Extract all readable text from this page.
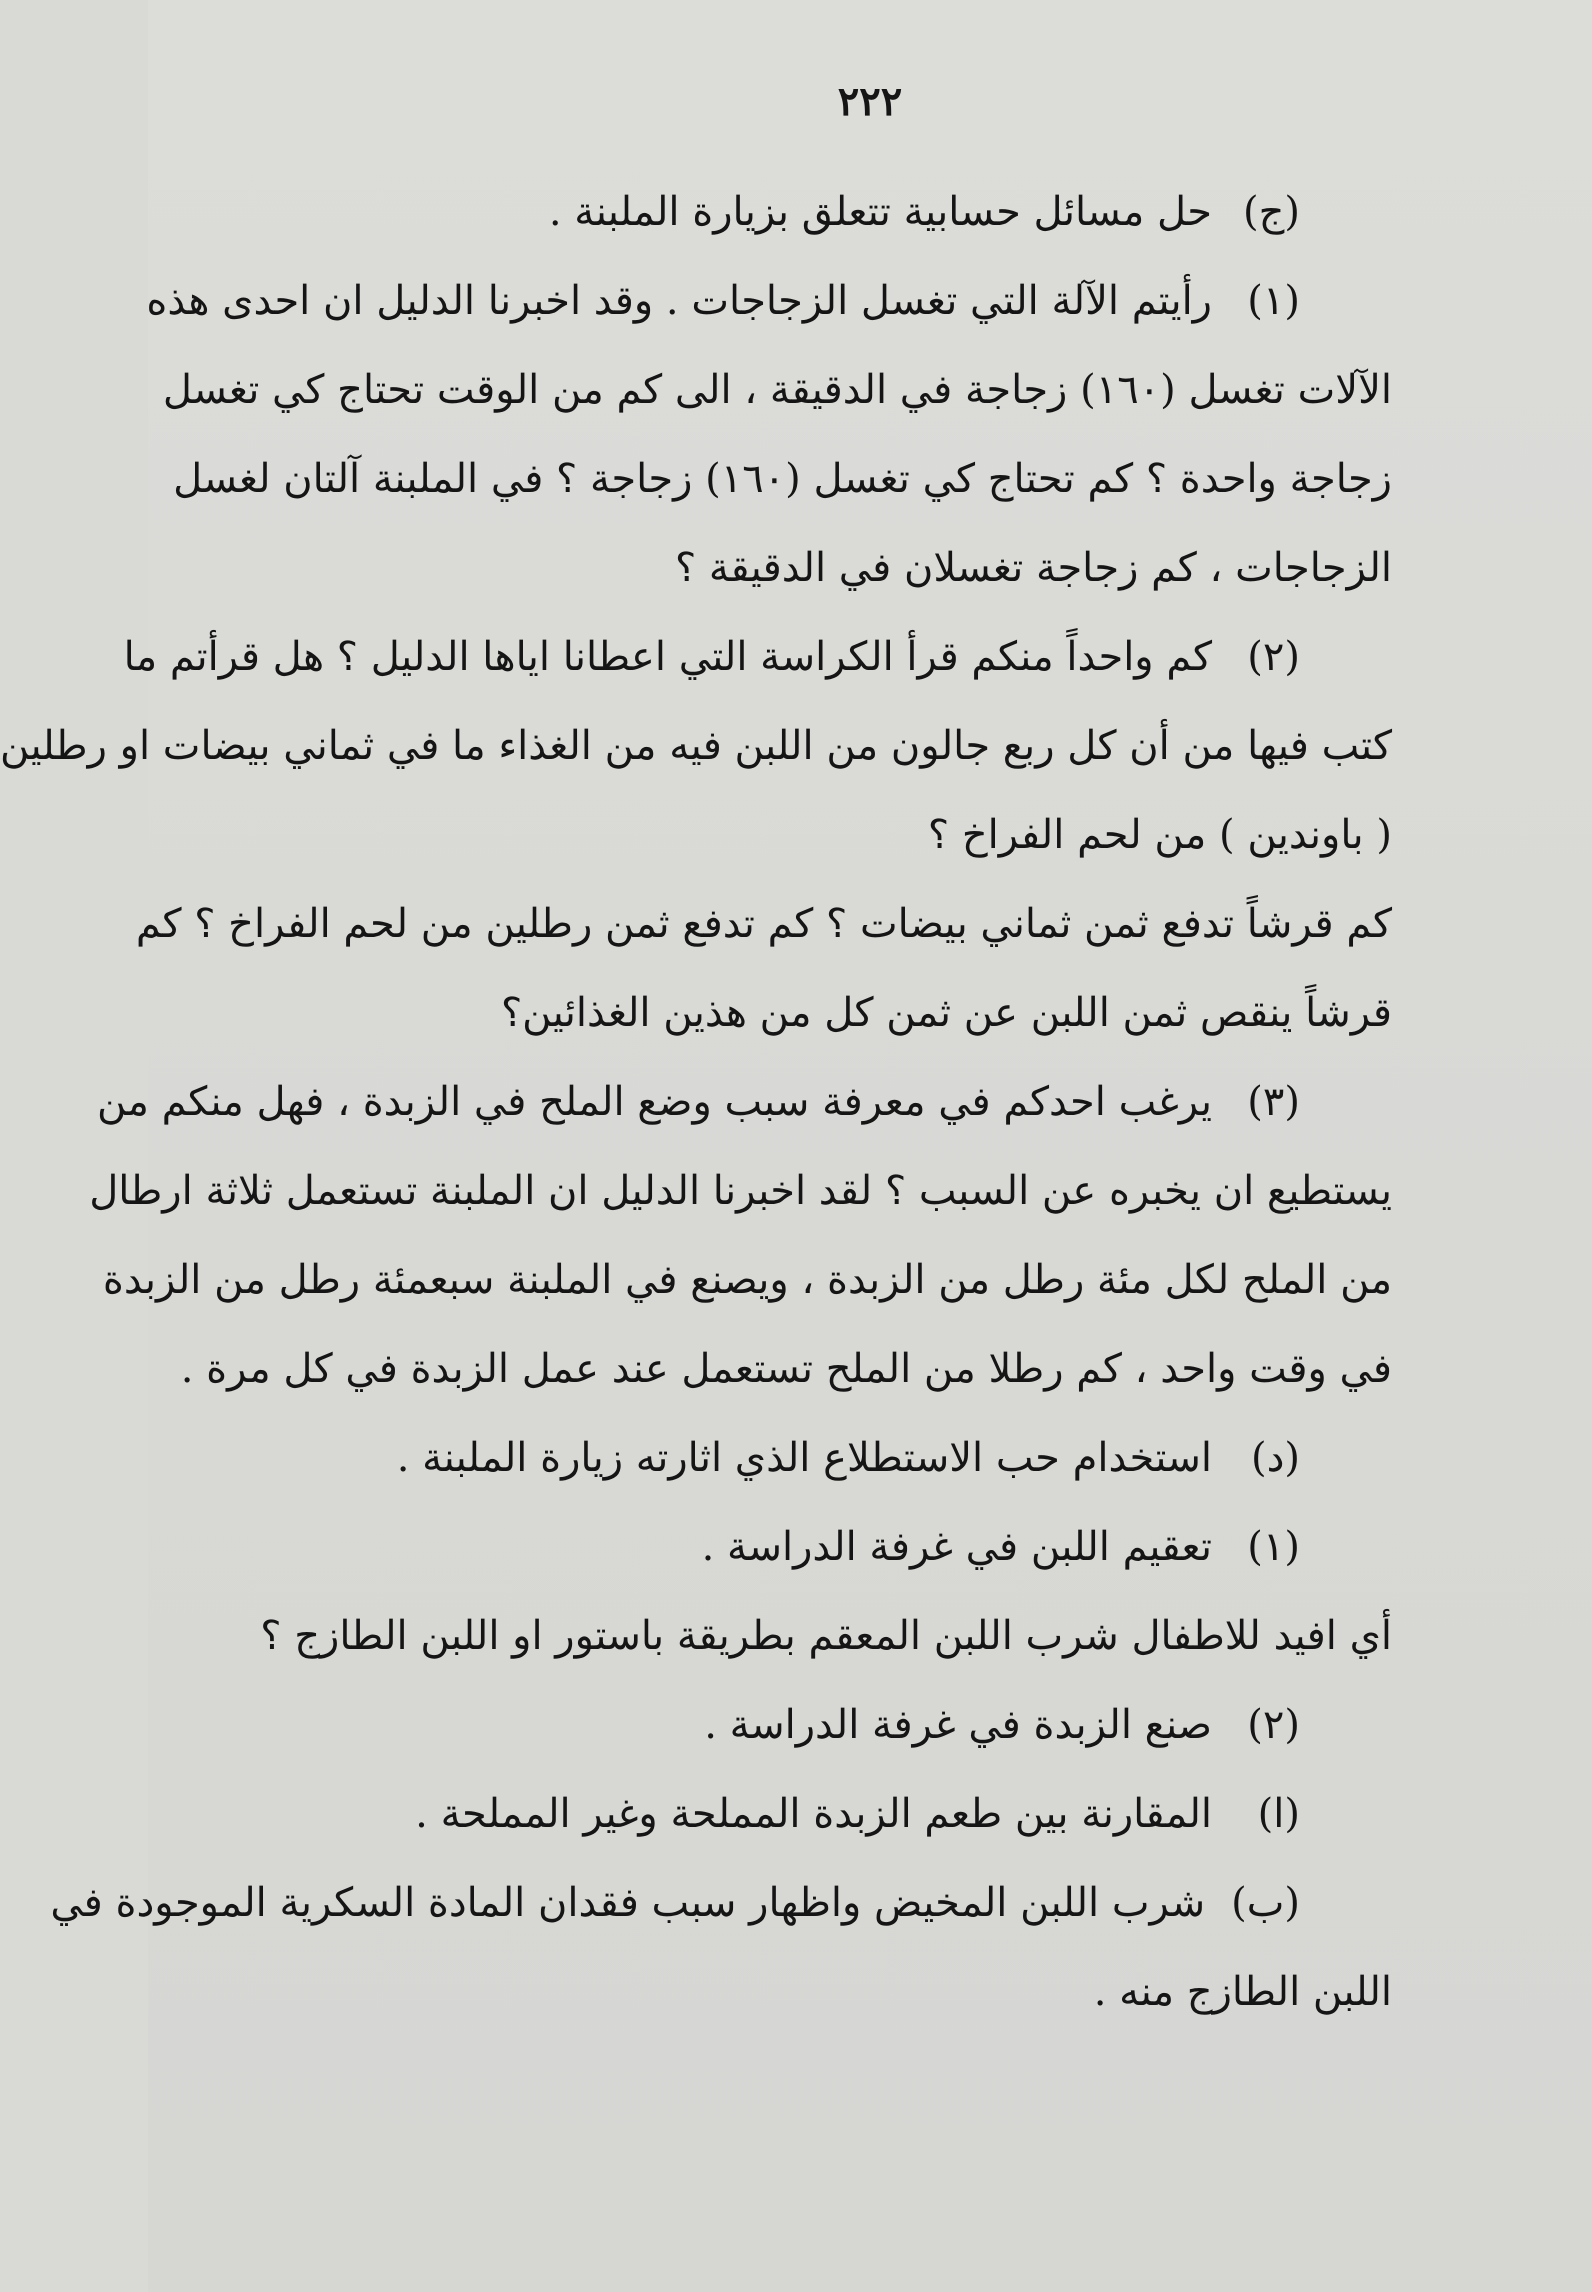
٢٢٢
(ج)حل مسائل حسابية تتعلق بزيارة الملبنة .
(١)رأيتم الآلة التي تغسل الزجاجات . وقد اخبرنا الدليل ان احدى هذه
الآلات تغسل (١٦٠) زجاجة في الدقيقة ، الى كم من الوقت تحتاج كي تغسل
زجاجة واحدة ؟ كم تحتاج كي تغسل (١٦٠) زجاجة ؟ في الملبنة آلتان لغسل
الزجاجات ، كم زجاجة تغسلان في الدقيقة ؟
(٢)كم واحداً منكم قرأ الكراسة التي اعطانا اياها الدليل ؟ هل قرأتم ما
كتب فيها من أن كل ربع جالون من اللبن فيه من الغذاء ما في ثماني بيضات او رطلين
( باوندين ) من لحم الفراخ ؟
كم قرشاً تدفع ثمن ثماني بيضات ؟ كم تدفع ثمن رطلين من لحم الفراخ ؟ كم
قرشاً ينقص ثمن اللبن عن ثمن كل من هذين الغذائين؟
(٣)يرغب احدكم في معرفة سبب وضع الملح في الزبدة ، فهل منكم من
يستطيع ان يخبره عن السبب ؟ لقد اخبرنا الدليل ان الملبنة تستعمل ثلاثة ارطال
من الملح لكل مئة رطل من الزبدة ، ويصنع في الملبنة سبعمئة رطل من الزبدة
في وقت واحد ، كم رطلا من الملح تستعمل عند عمل الزبدة في كل مرة .
(د)استخدام حب الاستطلاع الذي اثارته زيارة الملبنة .
(١)تعقيم اللبن في غرفة الدراسة .
أي افيد للاطفال شرب اللبن المعقم بطريقة باستور او اللبن الطازج ؟
(٢)صنع الزبدة في غرفة الدراسة .
(ا)المقارنة بين طعم الزبدة المملحة وغير المملحة .
(ب)شرب اللبن المخيض واظهار سبب فقدان المادة السكرية الموجودة في
اللبن الطازج منه .
